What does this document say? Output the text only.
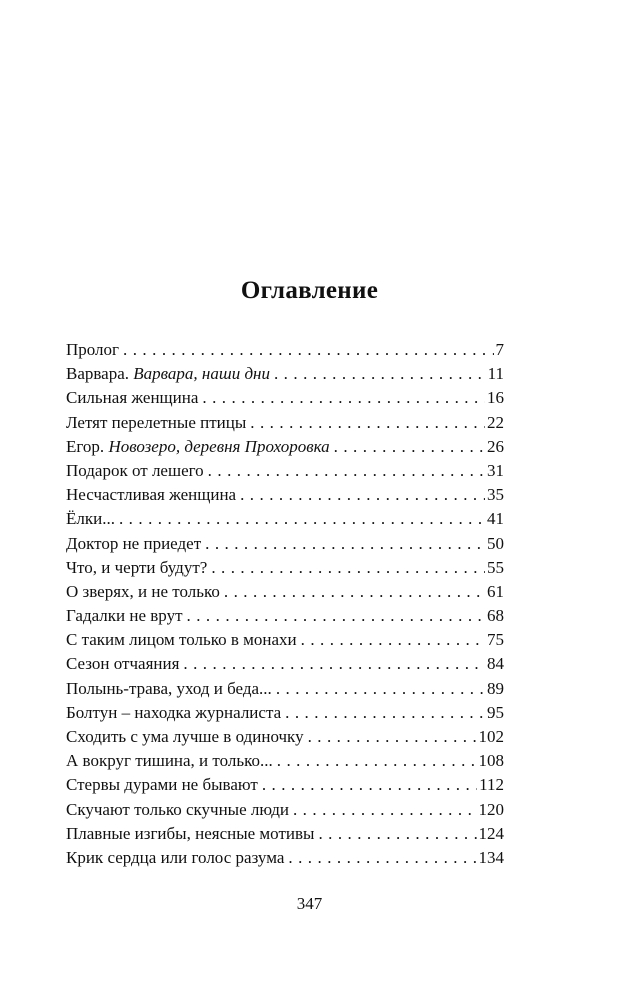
Оглавление
Пролог . . .	7
Варвара. Варвара, наши дни . . .	11
Сильная женщина . . .	16
Летят перелетные птицы . . .	22
Егор. Новозеро, деревня Прохоровка . . .	26
Подарок от лешего . . .	31
Несчастливая женщина . . .	35
Ёлки... . . .	41
Доктор не приедет . . .	50
Что, и черти будут? . . .	55
О зверях, и не только . . .	61
Гадалки не врут . . .	68
С таким лицом только в монахи . . .	75
Сезон отчаяния . . .	84
Полынь-трава, уход и беда... . . .	89
Болтун – находка журналиста . . .	95
Сходить с ума лучше в одиночку . . .	102
А вокруг тишина, и только... . . .	108
Стервы дурами не бывают . . .	112
Скучают только скучные люди . . .	120
Плавные изгибы, неясные мотивы . . .	124
Крик сердца или голос разума . . .	134
347
